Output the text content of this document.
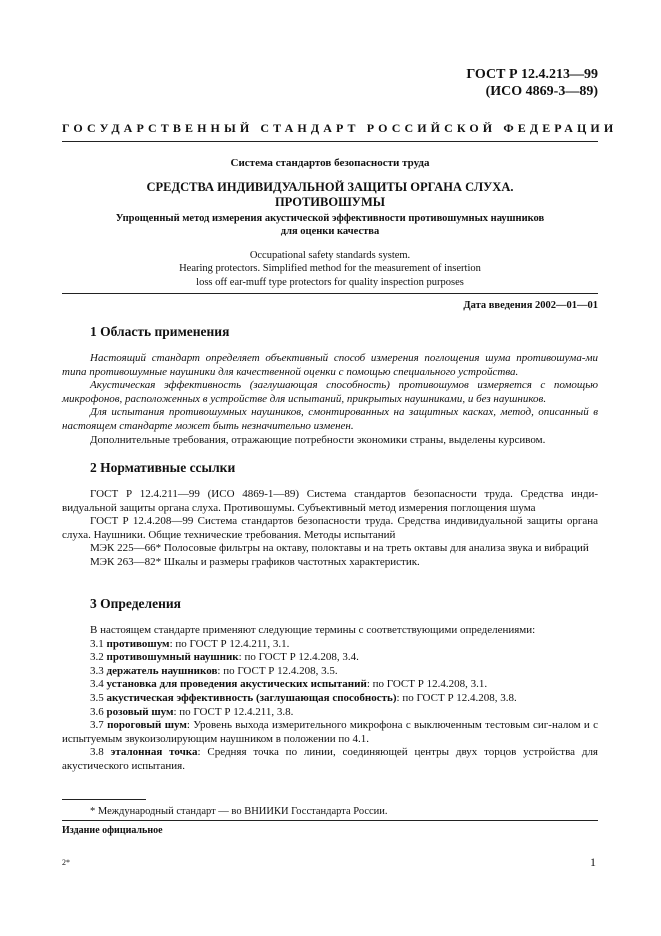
ГОСТ Р 12.4.213—99
(ИСО 4869-3—89)
ГОСУДАРСТВЕННЫЙ СТАНДАРТ РОССИЙСКОЙ ФЕДЕРАЦИИ
Система стандартов безопасности труда
СРЕДСТВА ИНДИВИДУАЛЬНОЙ ЗАЩИТЫ ОРГАНА СЛУХА.
ПРОТИВОШУМЫ
Упрощенный метод измерения акустической эффективности противошумных наушников
для оценки качества
Occupational safety standards system.
Hearing protectors. Simplified method for the measurement of insertion
loss off ear-muff type protectors for quality inspection purposes
Дата введения 2002—01—01
1 Область применения

Настоящий стандарт определяет объективный способ измерения поглощения шума противошума-ми типа противошумные наушники для качественной оценки с помощью специального устройства.

Акустическая эффективность (заглушающая способность) противошумов измеряется с помощью микрофонов, расположенных в устройстве для испытаний, прикрытых наушниками, и без наушников.

Для испытания противошумных наушников, смонтированных на защитных касках, метод, описанный в настоящем стандарте может быть незначительно изменен.

Дополнительные требования, отражающие потребности экономики страны, выделены курсивом.

2 Нормативные ссылки

ГОСТ Р 12.4.211—99 (ИСО 4869-1—89) Система стандартов безопасности труда. Средства инди-видуальной защиты органа слуха. Противошумы. Субъективный метод измерения поглощения шума

ГОСТ Р 12.4.208—99 Система стандартов безопасности труда. Средства индивидуальной защиты органа слуха. Наушники. Общие технические требования. Методы испытаний

МЭК 225—66* Полосовые фильтры на октаву, полоктавы и на треть октавы для анализа звука и вибраций

МЭК 263—82* Шкалы и размеры графиков частотных характеристик.

3 Определения

В настоящем стандарте применяют следующие термины с соответствующими определениями:

3.1 противошум: по ГОСТ Р 12.4.211, 3.1.

3.2 противошумный наушник: по ГОСТ Р 12.4.208, 3.4.

3.3 держатель наушников: по ГОСТ Р 12.4.208, 3.5.

3.4 установка для проведения акустических испытаний: по ГОСТ Р 12.4.208, 3.1.

3.5 акустическая эффективность (заглушающая способность): по ГОСТ Р 12.4.208, 3.8.

3.6 розовый шум: по ГОСТ Р 12.4.211, 3.8.

3.7 пороговый шум: Уровень выхода измерительного микрофона с выключенным тестовым сиг-налом и с испытуемым звукоизолирующим наушником в положении по 4.1.

3.8 эталонная точка: Средняя точка по линии, соединяющей центры двух торцов устройства для акустического испытания.

* Международный стандарт — во ВНИИКИ Госстандарта России.
Издание официальное
2*	1
